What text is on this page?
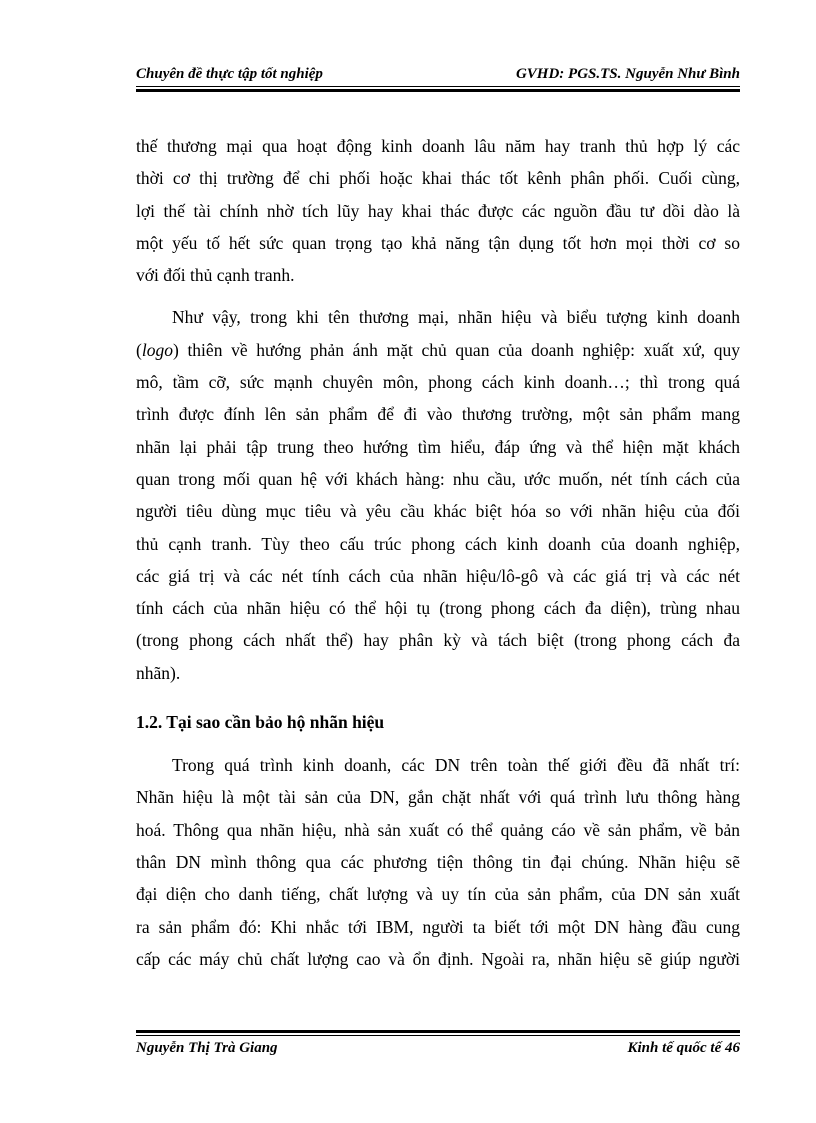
Chuyên đề thực tập tốt nghiệp	GVHD: PGS.TS. Nguyễn Như Bình
thế thương mại qua hoạt động kinh doanh lâu năm hay tranh thủ hợp lý các
thời cơ thị trường để chi phối hoặc khai thác tốt kênh phân phối. Cuối cùng,
lợi thế tài chính nhờ tích lũy hay khai thác được các nguồn đầu tư dồi dào là
một yếu tố hết sức quan trọng tạo khả năng tận dụng tốt hơn mọi thời cơ so
với đối thủ cạnh tranh.
Như vậy, trong khi tên thương mại, nhãn hiệu và biểu tượng kinh doanh
(logo) thiên về hướng phản ánh mặt chủ quan của doanh nghiệp: xuất xứ, quy
mô, tầm cỡ, sức mạnh chuyên môn, phong cách kinh doanh…; thì trong quá
trình được đính lên sản phẩm để đi vào thương trường, một sản phẩm mang
nhãn lại phải tập trung theo hướng tìm hiểu, đáp ứng và thể hiện mặt khách
quan trong mối quan hệ với khách hàng: nhu cầu, ước muốn, nét tính cách của
người tiêu dùng mục tiêu và yêu cầu khác biệt hóa so với nhãn hiệu của đối
thủ cạnh tranh. Tùy theo cấu trúc phong cách kinh doanh của doanh nghiệp,
các giá trị và các nét tính cách của nhãn hiệu/lô-gô và các giá trị và các nét
tính cách của nhãn hiệu có thể hội tụ (trong phong cách đa diện), trùng nhau
(trong phong cách nhất thể) hay phân kỳ và tách biệt (trong phong cách đa
nhãn).
1.2. Tại sao cần bảo hộ nhãn hiệu
Trong quá trình kinh doanh, các DN trên toàn thế giới đều đã nhất trí:
Nhãn hiệu là một tài sản của DN, gắn chặt nhất với quá trình lưu thông hàng
hoá. Thông qua nhãn hiệu, nhà sản xuất có thể quảng cáo về sản phẩm, về bản
thân DN mình thông qua các phương tiện thông tin đại chúng. Nhãn hiệu sẽ
đại diện cho danh tiếng, chất lượng và uy tín của sản phẩm, của DN sản xuất
ra sản phẩm đó: Khi nhắc tới IBM, người ta biết tới một DN hàng đầu cung
cấp các máy chủ chất lượng cao và ổn định. Ngoài ra, nhãn hiệu sẽ giúp người
Nguyễn Thị Trà Giang	Kinh tế quốc tế 46
